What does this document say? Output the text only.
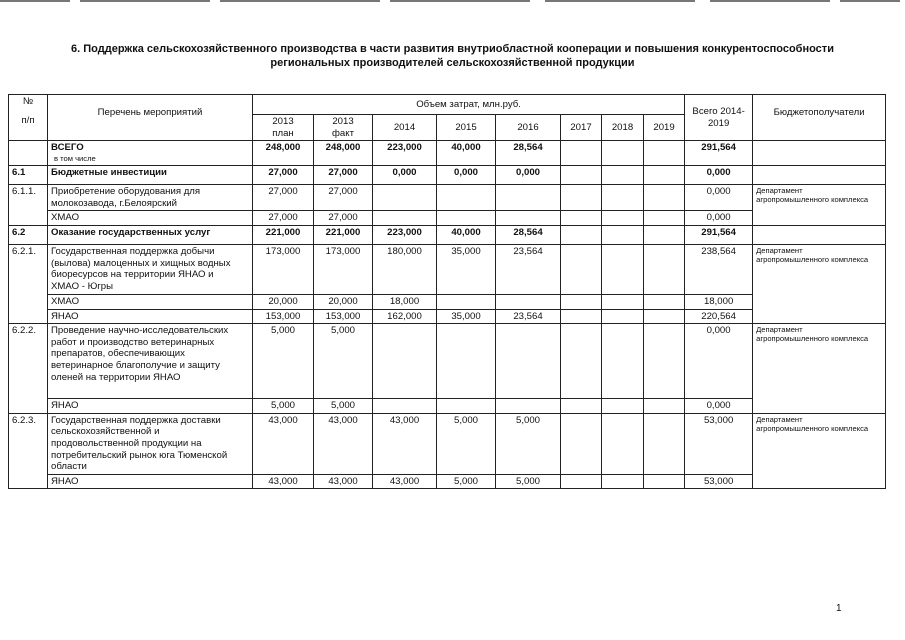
6. Поддержка сельскохозяйственного производства в части развития внутриобластной кооперации и повышения конкурентоспособности
региональных производителей сельскохозяйственной продукции
№
п/п	Перечень мероприятий	Объем затрат, млн.руб.								Всего 2014-
2019	Бюджетополучатели

		2013
план	2013
факт	2014	2015	2016	2017	2018	2019		

	ВСЕГО
в том числе	248,000	248,000	223,000	40,000	28,564				291,564	
6.1	Бюджетные инвестиции	27,000	27,000	0,000	0,000	0,000				0,000	
6.1.1.	Приобретение оборудования для
молокозавода, г.Белоярский	27,000	27,000							0,000	Департамент
агропромышленного комплекса

	ХМАО	27,000	27,000							0,000	
6.2	Оказание государственных услуг	221,000	221,000	223,000	40,000	28,564				291,564	
6.2.1.	Государственная поддержка добычи
(вылова) малоценных и хищных водных
биоресурсов на территории ЯНАО и
ХМАО - Югры	173,000	173,000	180,000	35,000	23,564				238,564	Департамент
агропромышленного комплекса

	ХМАО	20,000	20,000	18,000						18,000	
	ЯНАО	153,000	153,000	162,000	35,000	23,564				220,564	
6.2.2.	Проведение научно-исследовательских
работ и производство ветеринарных
препаратов, обеспечивающих
ветеринарное благополучие и защиту
оленей на территории ЯНАО	5,000	5,000							0,000	Департамент
агропромышленного комплекса

	ЯНАО	5,000	5,000							0,000	
6.2.3.	Государственная поддержка доставки
сельскохозяйственной и
продовольственной продукции на
потребительский рынок юга Тюменской
области	43,000	43,000	43,000	5,000	5,000				53,000	Департамент
агропромышленного комплекса

	ЯНАО	43,000	43,000	43,000	5,000	5,000				53,000	
1
